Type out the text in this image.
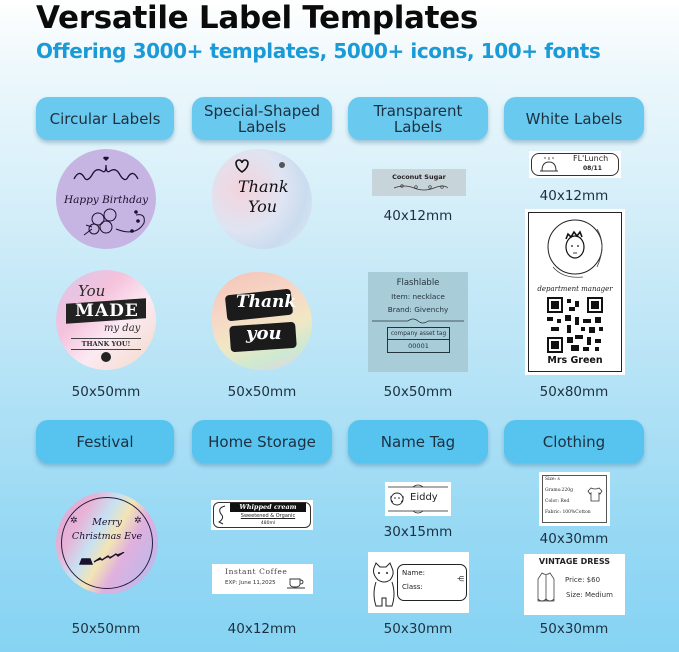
Versatile Label Templates
Offering 3000+ templates, 5000+ icons, 100+ fonts
Circular Labels	Special-Shaped Labels
Transparent Labels	White Labels
Happy Birthday
You
MADE
my day
THANK YOU!
50x50mm
Thank
You
Thank
you
50x50mm
Coconut Sugar
40x12mm
Flashlable
Item: necklace
Brand: Givenchy
company asset tag
00001
50x50mm
FL'Lunch
08/11
40x12mm
department manager
Mrs Green
50x80mm
Festival	Home Storage	Name Tag	Clothing
Merry
Christmas Eve
✲	✲
50x50mm
Whipped cream
Sweetened & Organic
480ml
Instant Coffee
EXP: June 11,2025
40x12mm
Eiddy
30x15mm
Name:
Class:
⋲
50x30mm
Size: s
Grams:220g
Color: Red
Fabric: 100%Cotton
40x30mm
VINTAGE DRESS
Price: $60
Size: Medium
50x30mm
